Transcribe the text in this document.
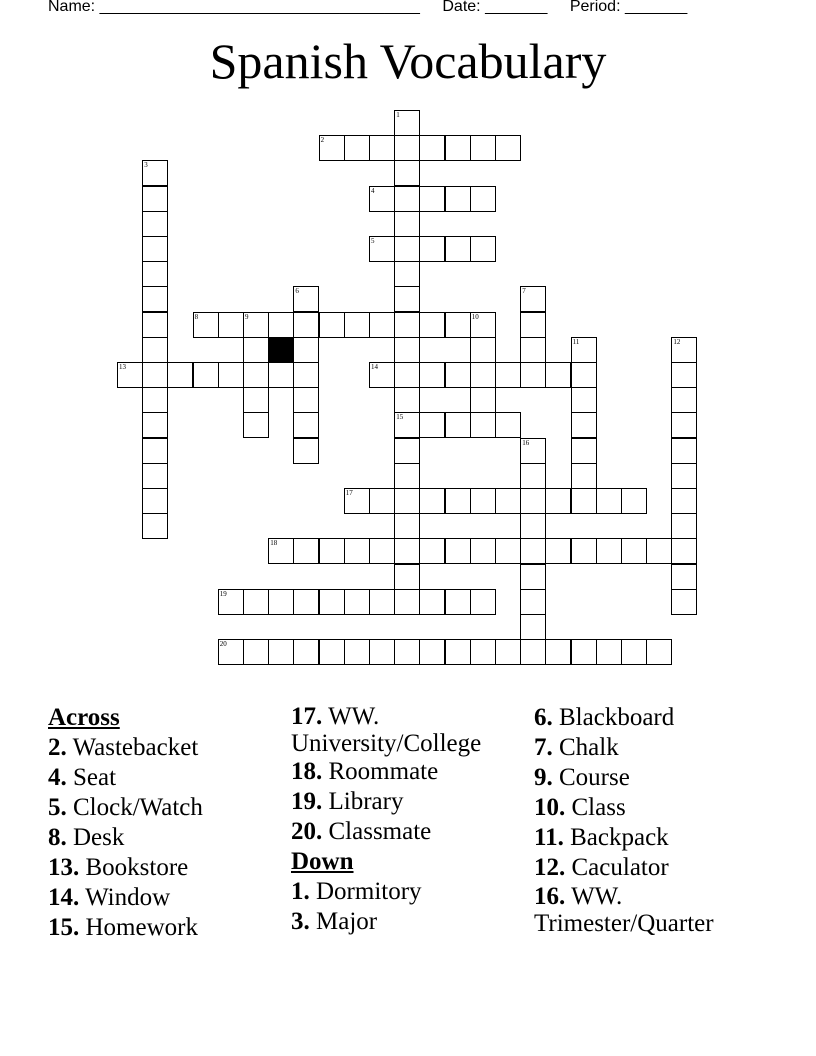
Name: ____________________________________ Date: _______ Period: _______
Spanish Vocabulary
1
2
3
4
5
6	7
8	9	10
11	12
13	14
15
16
17
18
19
20
Across
2. Wastebacket
4. Seat
5. Clock/Watch
8. Desk
13. Bookstore
14. Window
15. Homework
17. WW. University/College
18. Roommate
19. Library
20. Classmate
Down
1. Dormitory
3. Major
6. Blackboard
7. Chalk
9. Course
10. Class
11. Backpack
12. Caculator
16. WW. Trimester/Quarter
